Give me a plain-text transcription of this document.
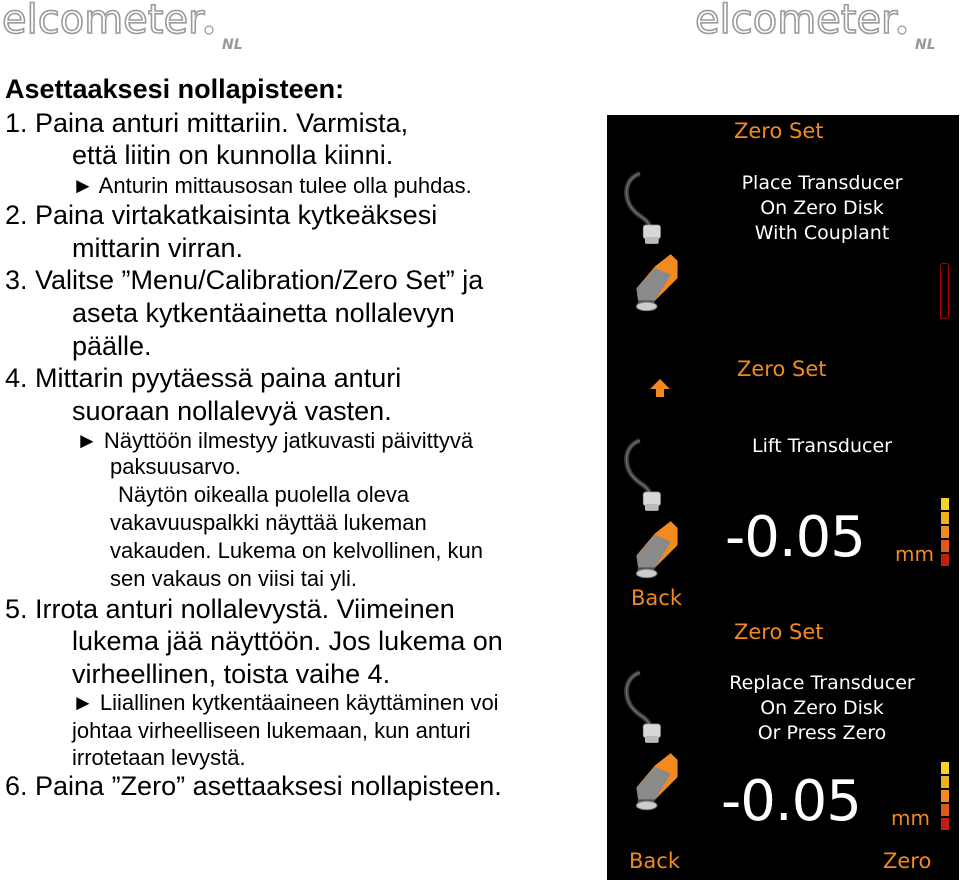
elcometer
NL
elcometer
NL
Asettaaksesi nollapisteen:
1. Paina anturi mittariin. Varmista,
että liitin on kunnolla kiinni.
► Anturin mittausosan tulee olla puhdas.
2. Paina virtakatkaisinta kytkeäksesi
mittarin virran.
3. Valitse ”Menu/Calibration/Zero Set” ja
aseta kytkentäainetta nollalevyn
päälle.
4. Mittarin pyytäessä paina anturi
suoraan nollalevyä vasten.
► Näyttöön ilmestyy jatkuvasti päivittyvä
paksuusarvo.
Näytön oikealla puolella oleva
vakavuuspalkki näyttää lukeman
vakauden. Lukema on kelvollinen, kun
sen vakaus on viisi tai yli.
5. Irrota anturi nollalevystä. Viimeinen
lukema jää näyttöön. Jos lukema on
virheellinen, toista vaihe 4.
► Liiallinen kytkentäaineen käyttäminen voi
johtaa virheelliseen lukemaan, kun anturi
irrotetaan levystä.
6. Paina ”Zero” asettaaksesi nollapisteen.
Zero Set
Place Transducer
On Zero Disk
With Couplant
Zero Set
Lift Transducer
-0.05 mm
Back
Zero Set
Replace Transducer
On Zero Disk
Or Press Zero
-0.05 mm
Back	Zero
